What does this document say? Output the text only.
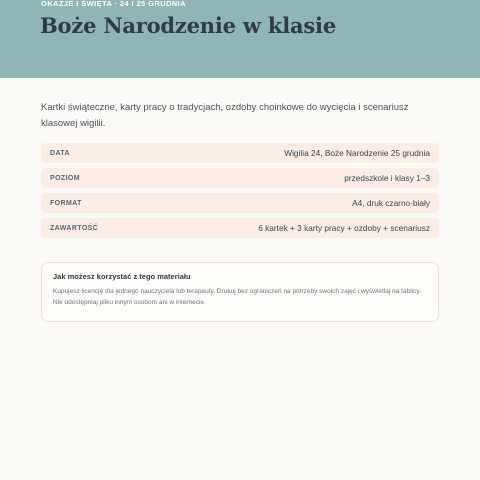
OKAZJE I ŚWIĘTA · 24 I 25 GRUDNIA
Boże Narodzenie w klasie

Kartki świąteczne, karty pracy o tradycjach, ozdoby choinkowe do wycięcia i scenariusz klasowej wigilii.

DATA	Wigilia 24, Boże Narodzenie 25 grudnia
POZIOM	przedszkole i klasy 1–3
FORMAT	A4, druk czarno-biały
ZAWARTOŚĆ	6 kartek + 3 karty pracy + ozdoby + scenariusz
Jak możesz korzystać z tego materiału
Kupujesz licencję dla jednego nauczyciela lub terapeuty. Drukuj bez ograniczeń na potrzeby swoich zajęć i wyświetlaj na tablicy. Nie udostępniaj pliku innym osobom ani w internecie.
